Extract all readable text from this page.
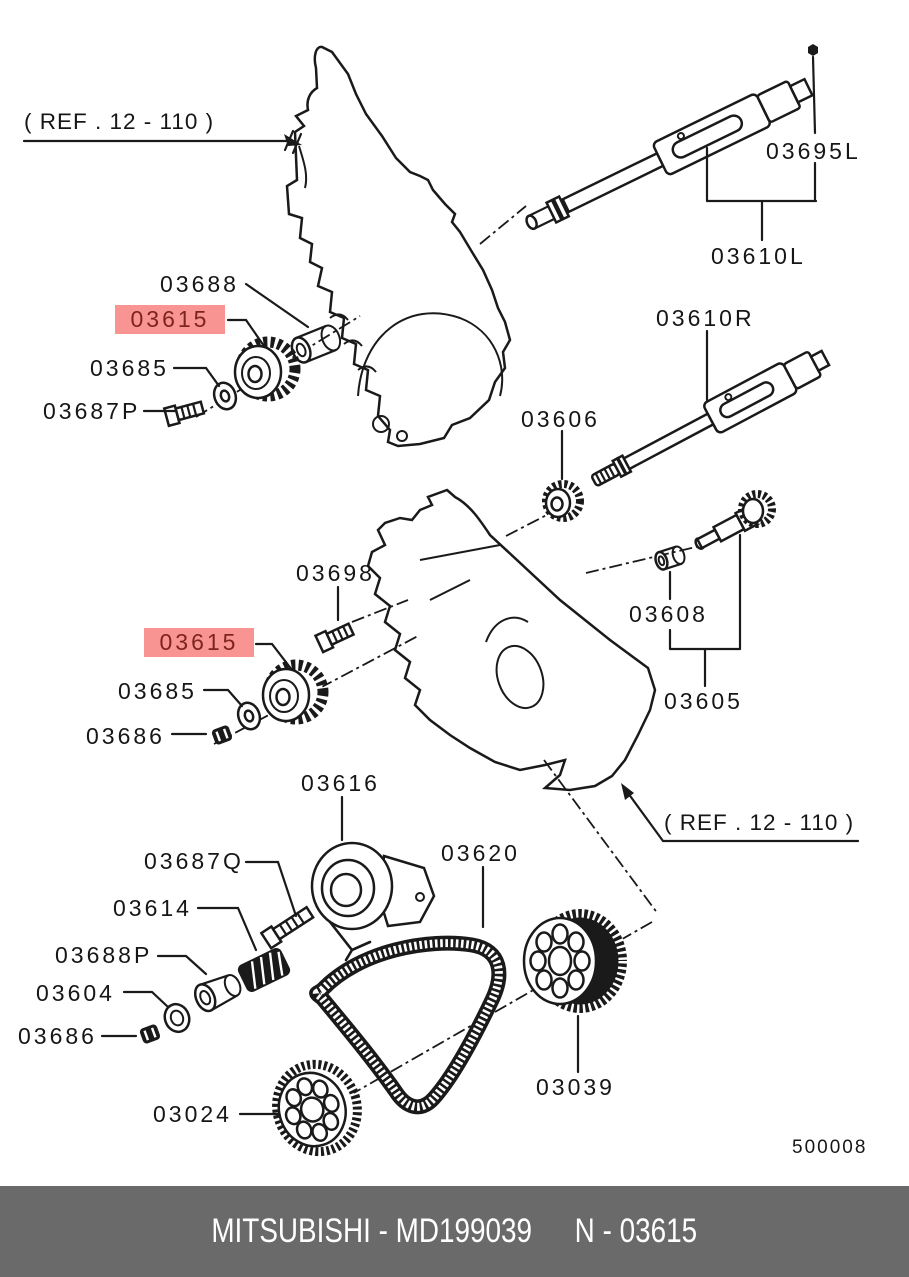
( REF . 12 - 110 )
03695L
03610L
03610R
03688
03615
03685
03687P	03606
03698
03608
03615
03685
03686
03605
03616
( REF . 12 - 110 )
03687Q	03620
03614
03688P
03604
03686
03024
03039
500008
MITSUBISHI - MD199039 N - 03615
